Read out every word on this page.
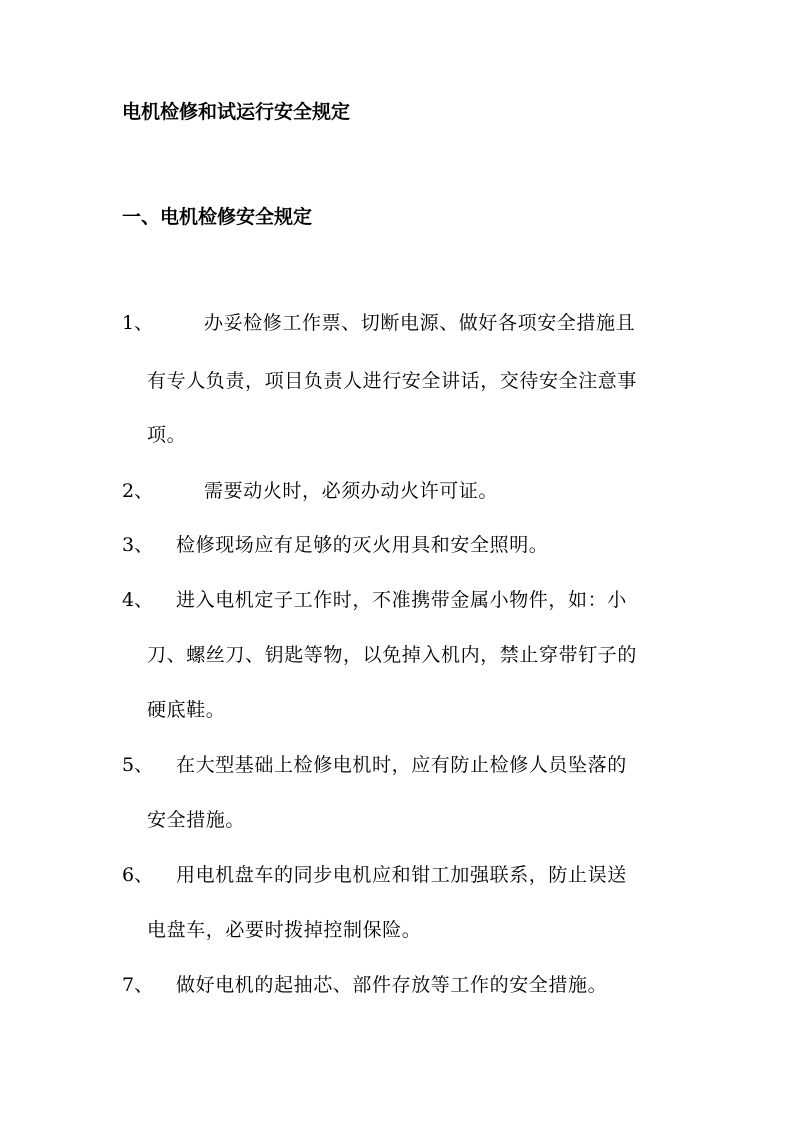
电机检修和试运行安全规定
一、电机检修安全规定
1、	办妥检修工作票、切断电源、做好各项安全措施且
有专人负责，项目负责人进行安全讲话，交待安全注意事
项。
2、	需要动火时，必须办动火许可证。
3、 检修现场应有足够的灭火用具和安全照明。
4、 进入电机定子工作时，不准携带金属小物件，如：小
刀、螺丝刀、钥匙等物，以免掉入机内，禁止穿带钉子的
硬底鞋。
5、 在大型基础上检修电机时，应有防止检修人员坠落的
安全措施。
6、 用电机盘车的同步电机应和钳工加强联系，防止误送
电盘车，必要时拨掉控制保险。
7、 做好电机的起抽芯、部件存放等工作的安全措施。
